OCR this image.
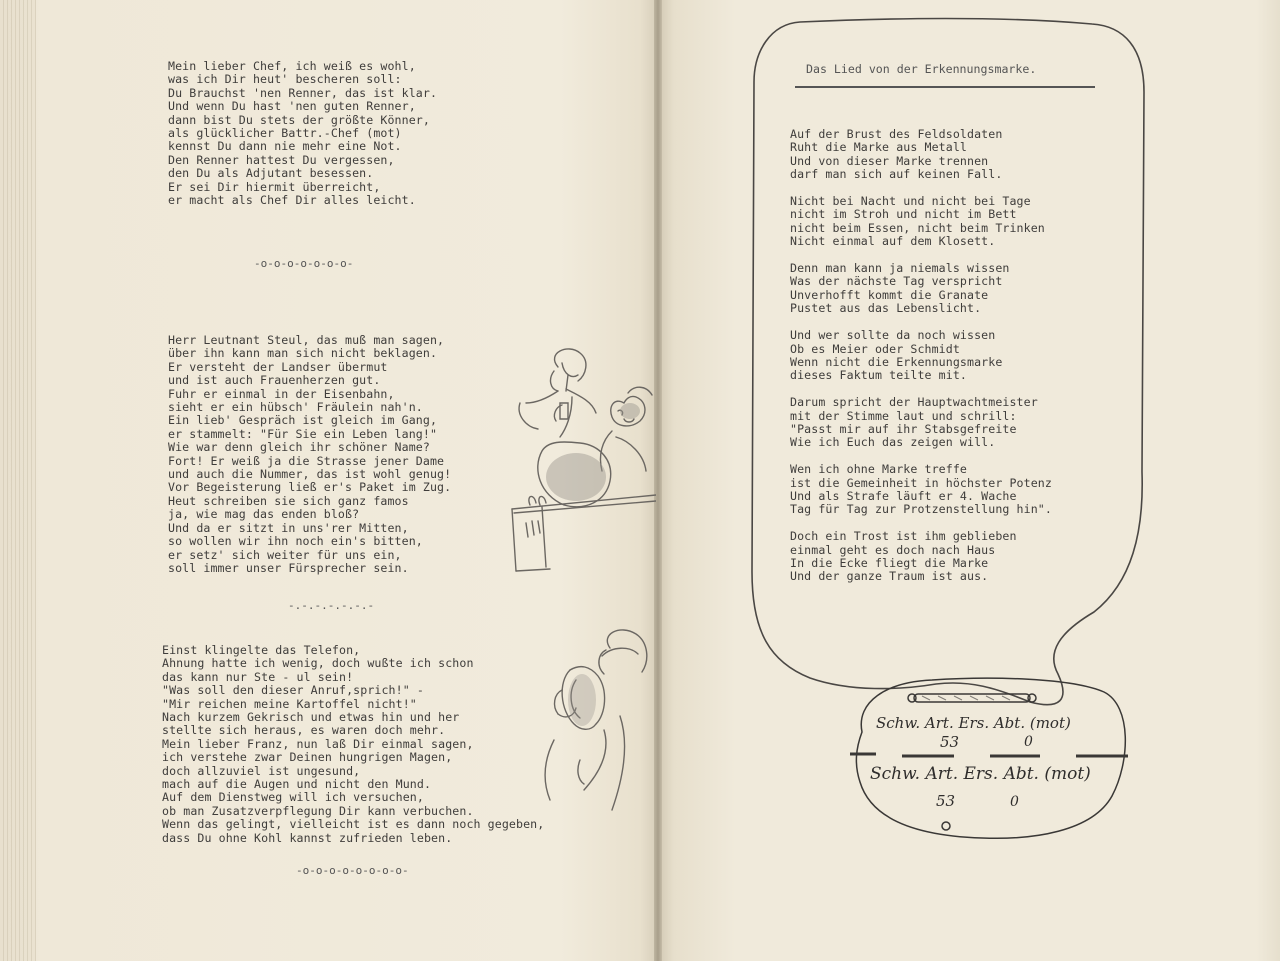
Mein lieber Chef, ich weiß es wohl,
was ich Dir heut' bescheren soll:
Du Brauchst 'nen Renner, das ist klar.
Und wenn Du hast 'nen guten Renner,
dann bist Du stets der größte Könner,
als glücklicher Battr.-Chef (mot)
kennst Du dann nie mehr eine Not.
Den Renner hattest Du vergessen,
den Du als Adjutant besessen.
Er sei Dir hiermit überreicht,
er macht als Chef Dir alles leicht.

-o-o-o-o-o-o-o-
Herr Leutnant Steul, das muß man sagen,
über ihn kann man sich nicht beklagen.
Er versteht der Landser übermut
und ist auch Frauenherzen gut.
Fuhr er einmal in der Eisenbahn,
sieht er ein hübsch' Fräulein nah'n.
Ein lieb' Gespräch ist gleich im Gang,
er stammelt: "Für Sie ein Leben lang!"
Wie war denn gleich ihr schöner Name?
Fort! Er weiß ja die Strasse jener Dame
und auch die Nummer, das ist wohl genug!
Vor Begeisterung ließ er's Paket im Zug.
Heut schreiben sie sich ganz famos
ja, wie mag das enden bloß?
Und da er sitzt in uns'rer Mitten,
so wollen wir ihn noch ein's bitten,
er setz' sich weiter für uns ein,
soll immer unser Fürsprecher sein.

-.-.-.-.-.-.-
Einst klingelte das Telefon,
Ahnung hatte ich wenig, doch wußte ich schon
das kann nur Ste - ul sein!
"Was soll den dieser Anruf,sprich!" -
"Mir reichen meine Kartoffel nicht!"
Nach kurzem Gekrisch und etwas hin und her
stellte sich heraus, es waren doch mehr.
Mein lieber Franz, nun laß Dir einmal sagen,
ich verstehe zwar Deinen hungrigen Magen,
doch allzuviel ist ungesund,
mach auf die Augen und nicht den Mund.
Auf dem Dienstweg will ich versuchen,
ob man Zusatzverpflegung Dir kann verbuchen.
Wenn das gelingt, vielleicht ist es dann noch gegeben,
dass Du ohne Kohl kannst zufrieden leben.

-o-o-o-o-o-o-o-o-
Das Lied von der Erkennungsmarke.
Auf der Brust des Feldsoldaten
Ruht die Marke aus Metall
Und von dieser Marke trennen
darf man sich auf keinen Fall.

Nicht bei Nacht und nicht bei Tage
nicht im Stroh und nicht im Bett
nicht beim Essen, nicht beim Trinken
Nicht einmal auf dem Klosett.

Denn man kann ja niemals wissen
Was der nächste Tag verspricht
Unverhofft kommt die Granate
Pustet aus das Lebenslicht.

Und wer sollte da noch wissen
Ob es Meier oder Schmidt
Wenn nicht die Erkennungsmarke
dieses Faktum teilte mit.

Darum spricht der Hauptwachtmeister
mit der Stimme laut und schrill:
"Passt mir auf ihr Stabsgefreite
Wie ich Euch das zeigen will.

Wen ich ohne Marke treffe
ist die Gemeinheit in höchster Potenz
Und als Strafe läuft er 4. Wache
Tag für Tag zur Protzenstellung hin".

Doch ein Trost ist ihm geblieben
einmal geht es doch nach Haus
In die Ecke fliegt die Marke
Und der ganze Traum ist aus.

Schw. Art. Ers. Abt. (mot)
53	0
Schw. Art. Ers. Abt. (mot)
53	0
